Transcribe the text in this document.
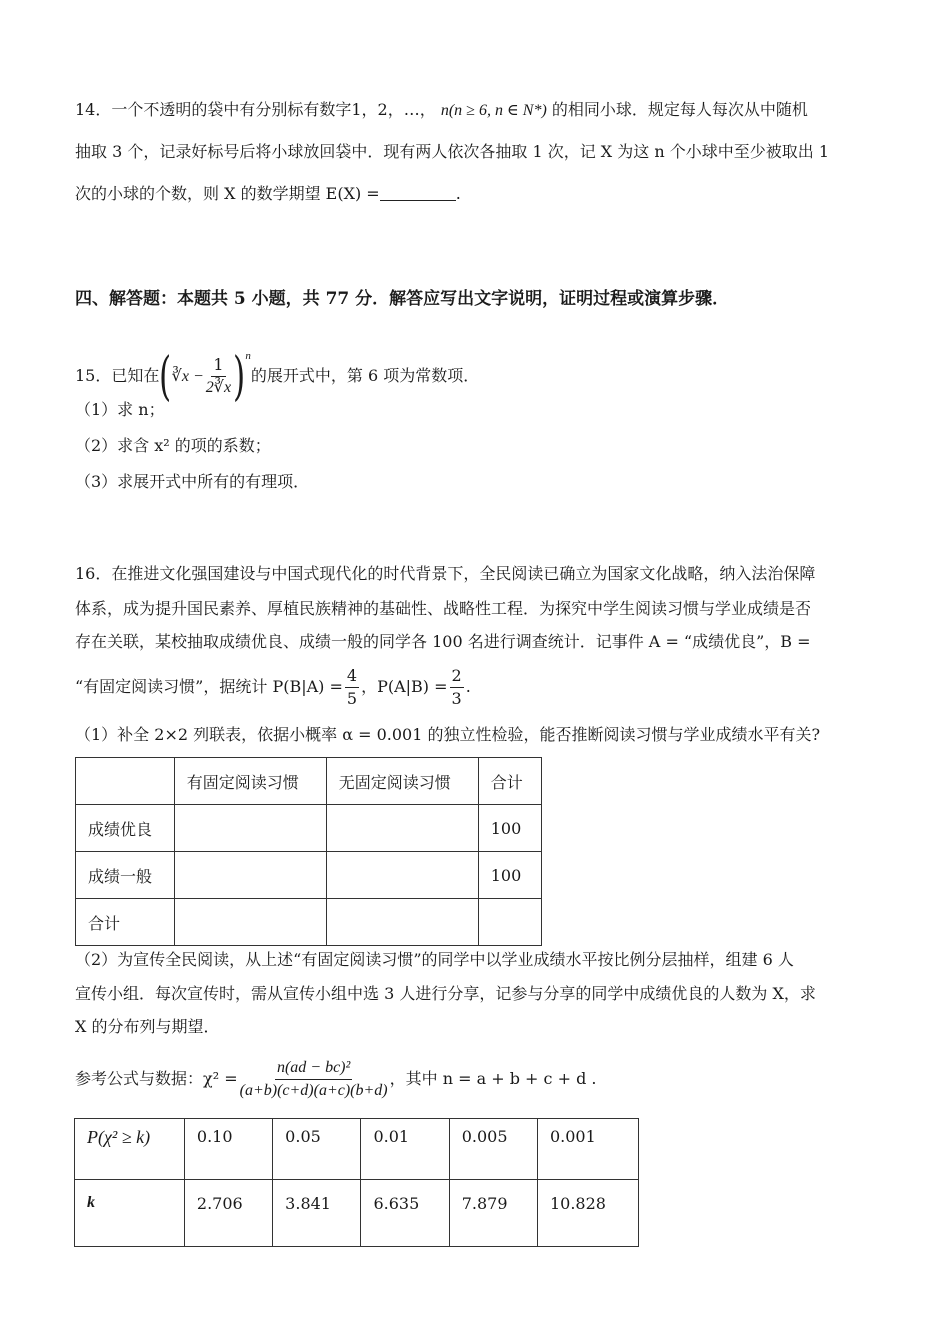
14．一个不透明的袋中有分别标有数字1，2，…， n(n ≥ 6, n ∈ N*) 的相同小球．规定每人每次从中随机
抽取 3 个，记录好标号后将小球放回袋中．现有两人依次各抽取 1 次，记 X 为这 n 个小球中至少被取出 1
次的小球的个数，则 X 的数学期望 E(X) =	.
四、解答题：本题共 5 小题，共 77 分．解答应写出文字说明，证明过程或演算步骤．
15．已知在(∛x − $\frac{1}{2∛x} )^n$的展开式中，第 6 项为常数项．
（1）求 n；
（2）求含 x² 的项的系数；
（3）求展开式中所有的有理项．
16．在推进文化强国建设与中国式现代化的时代背景下，全民阅读已确立为国家文化战略，纳入法治保障
体系，成为提升国民素养、厚植民族精神的基础性、战略性工程．为探究中学生阅读习惯与学业成绩是否
存在关联，某校抽取成绩优良、成绩一般的同学各 100 名进行调查统计．记事件 A = “成绩优良”，B =
“有固定阅读习惯”，据统计 $P(B|A) = \frac{4}{5}$ ，$P(A|B) = \frac{2}{3}$ .
（1）补全 2×2 列联表，依据小概率 α = 0.001 的独立性检验，能否推断阅读习惯与学业成绩水平有关?
	有固定阅读习惯	无固定阅读习惯	合计
成绩优良			100
成绩一般			100
合计			
（2）为宣传全民阅读，从上述“有固定阅读习惯”的同学中以学业成绩水平按比例分层抽样，组建 6 人
宣传小组．每次宣传时，需从宣传小组中选 3 人进行分享，记参与分享的同学中成绩优良的人数为 X，求
X 的分布列与期望．
参考公式与数据：$\chi^2 = \frac{\text{n(ad − bc)²}}{(a+b)(c+d)(a+c)(b+d)}$ ，其中 n = a + b + c + d .
P(χ² ≥ k)	0.10	0.05	0.01	0.005	0.001
k	2.706	3.841	6.635	7.879	10.828
